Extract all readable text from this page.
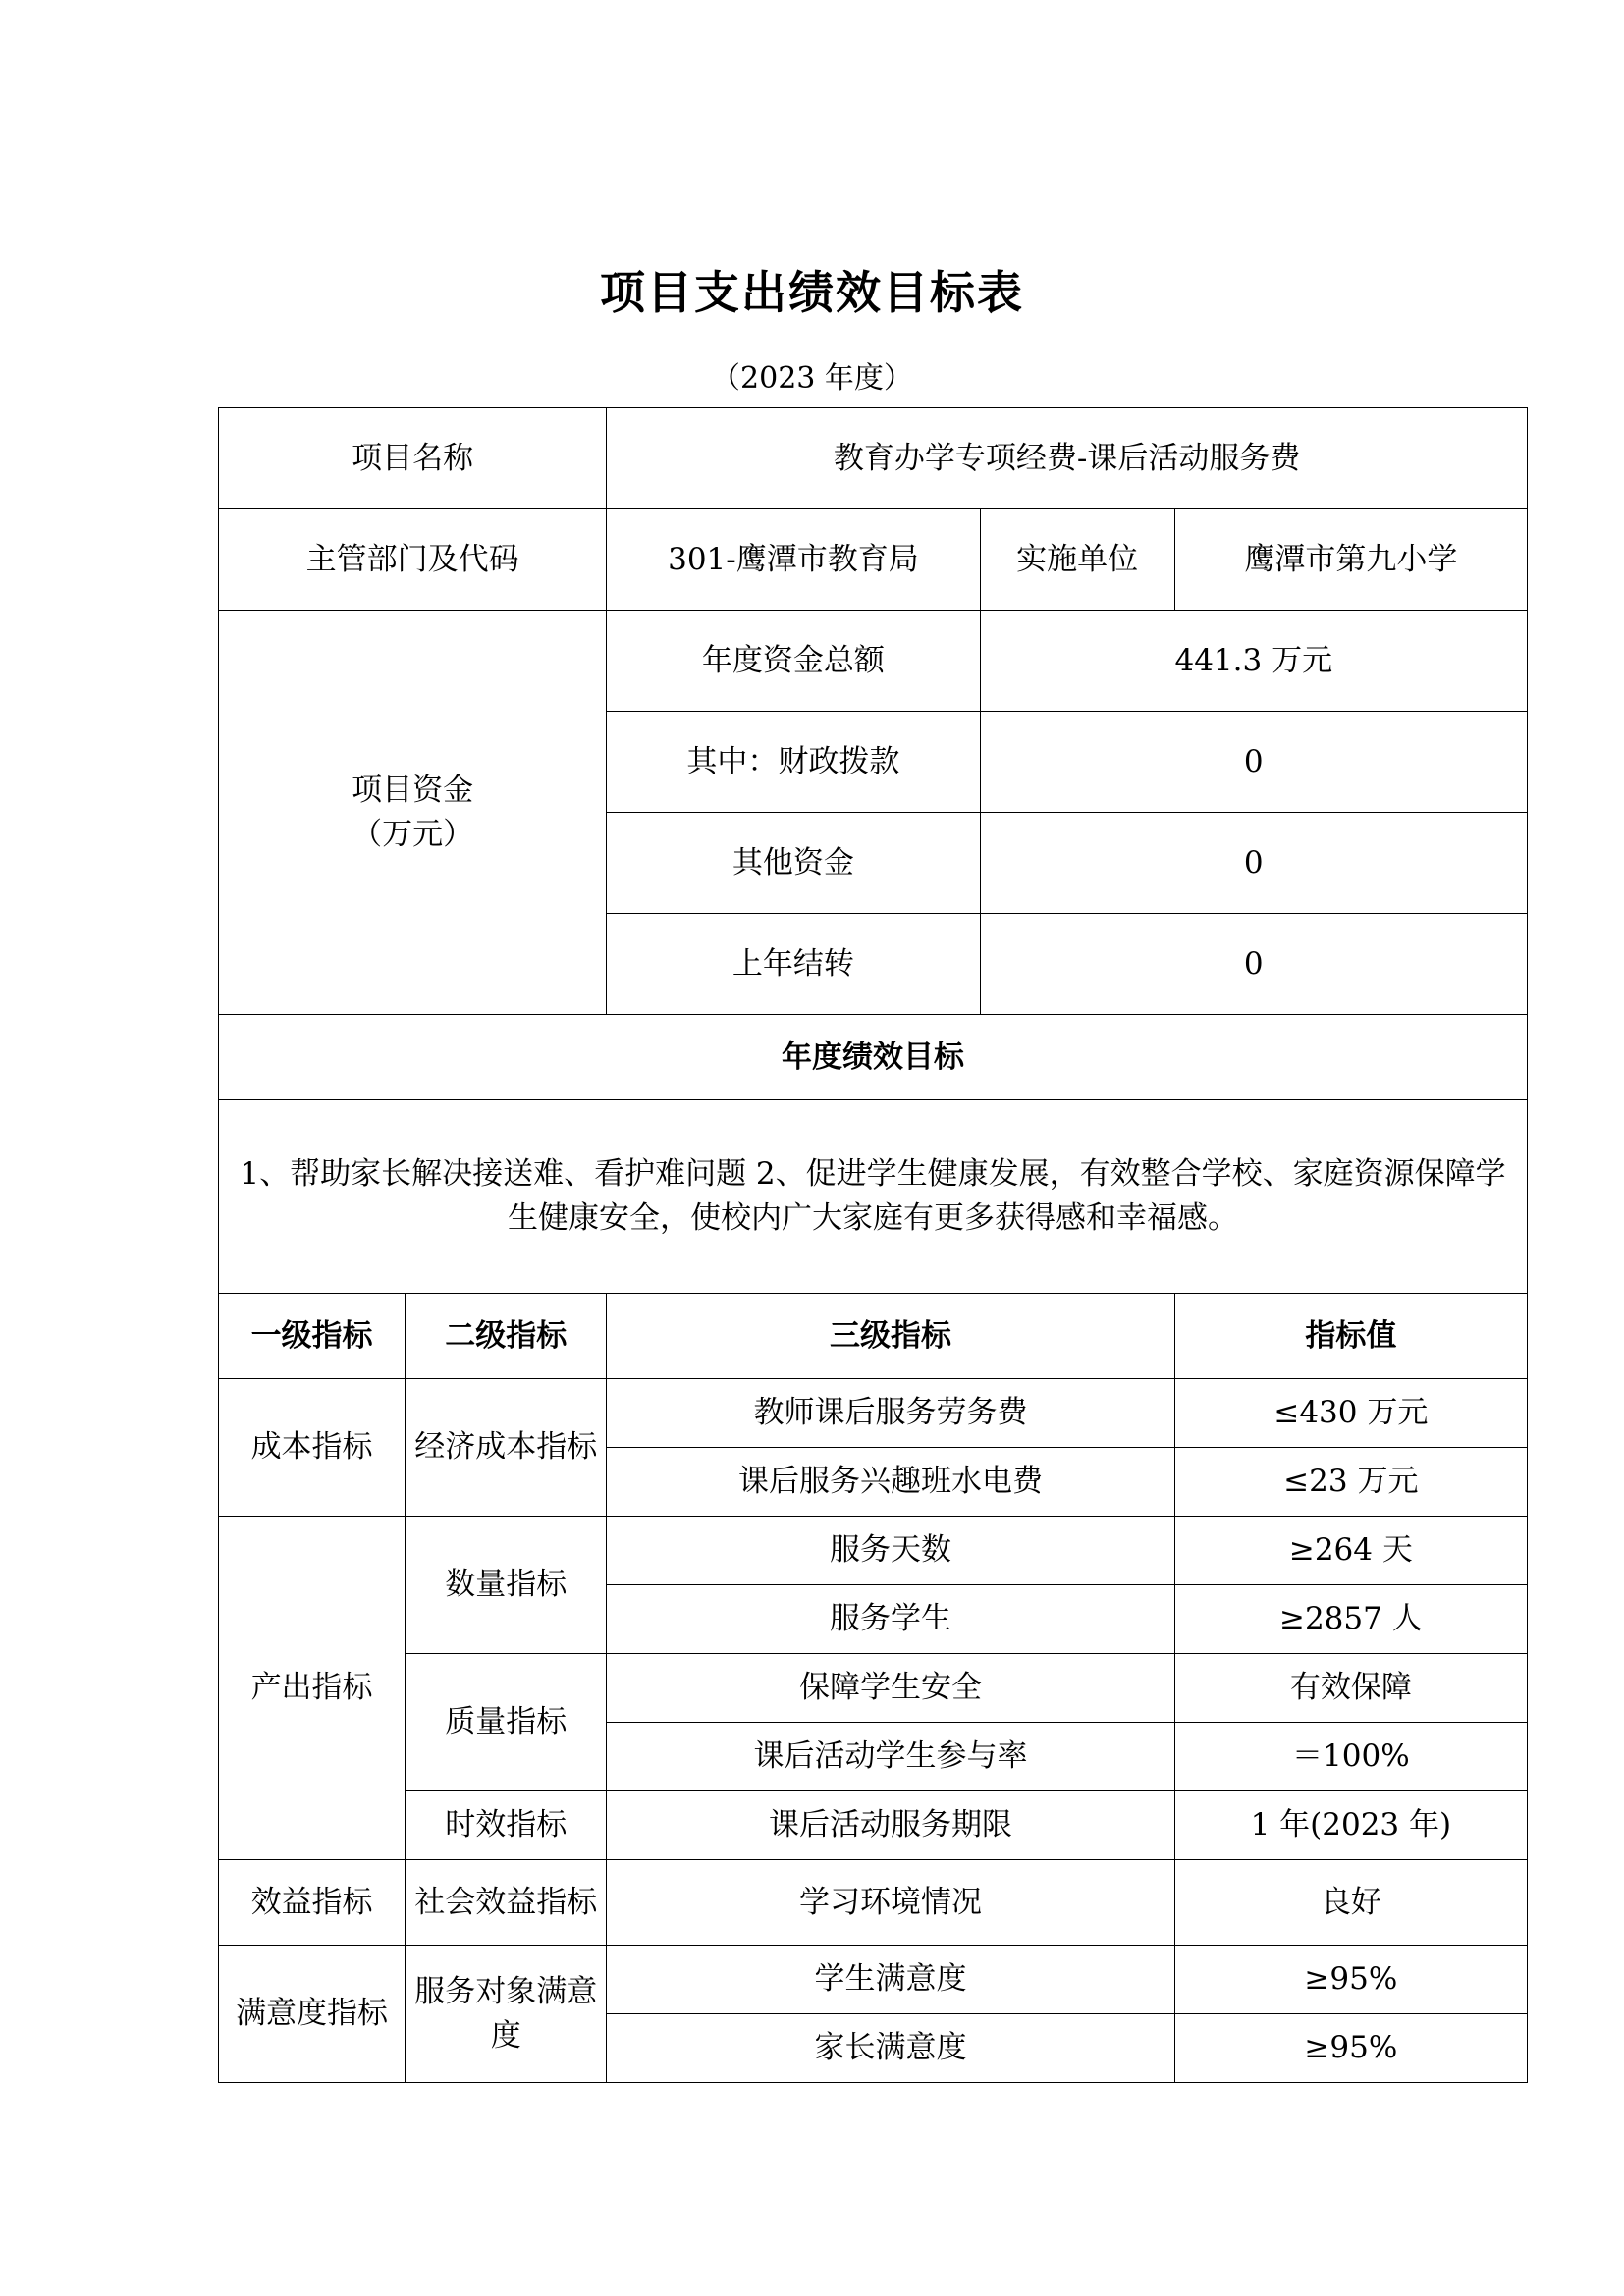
项目支出绩效目标表
（2023 年度）
项目名称		教育办学专项经费-课后活动服务费		
主管部门及代码		301-鹰潭市教育局	实施单位	鹰潭市第九小学
项目资金
（万元）		年度资金总额	441.3 万元	
		其中：财政拨款	0	
		其他资金	0	
		上年结转	0	
年度绩效目标				
1、帮助家长解决接送难、看护难问题 2、促进学生健康发展，有效整合学校、家庭资源保障学生健康安全，使校内广大家庭有更多获得感和幸福感。				
一级指标	二级指标	三级指标		指标值
成本指标	经济成本指标	教师课后服务劳务费		≤430 万元
		课后服务兴趣班水电费		≤23 万元
产出指标	数量指标	服务天数		≥264 天
		服务学生		≥2857 人
	质量指标	保障学生安全		有效保障
		课后活动学生参与率		＝100%
	时效指标	课后活动服务期限		1 年(2023 年)
效益指标	社会效益指标	学习环境情况		良好
满意度指标	服务对象满意度	学生满意度		≥95%
		家长满意度		≥95%
